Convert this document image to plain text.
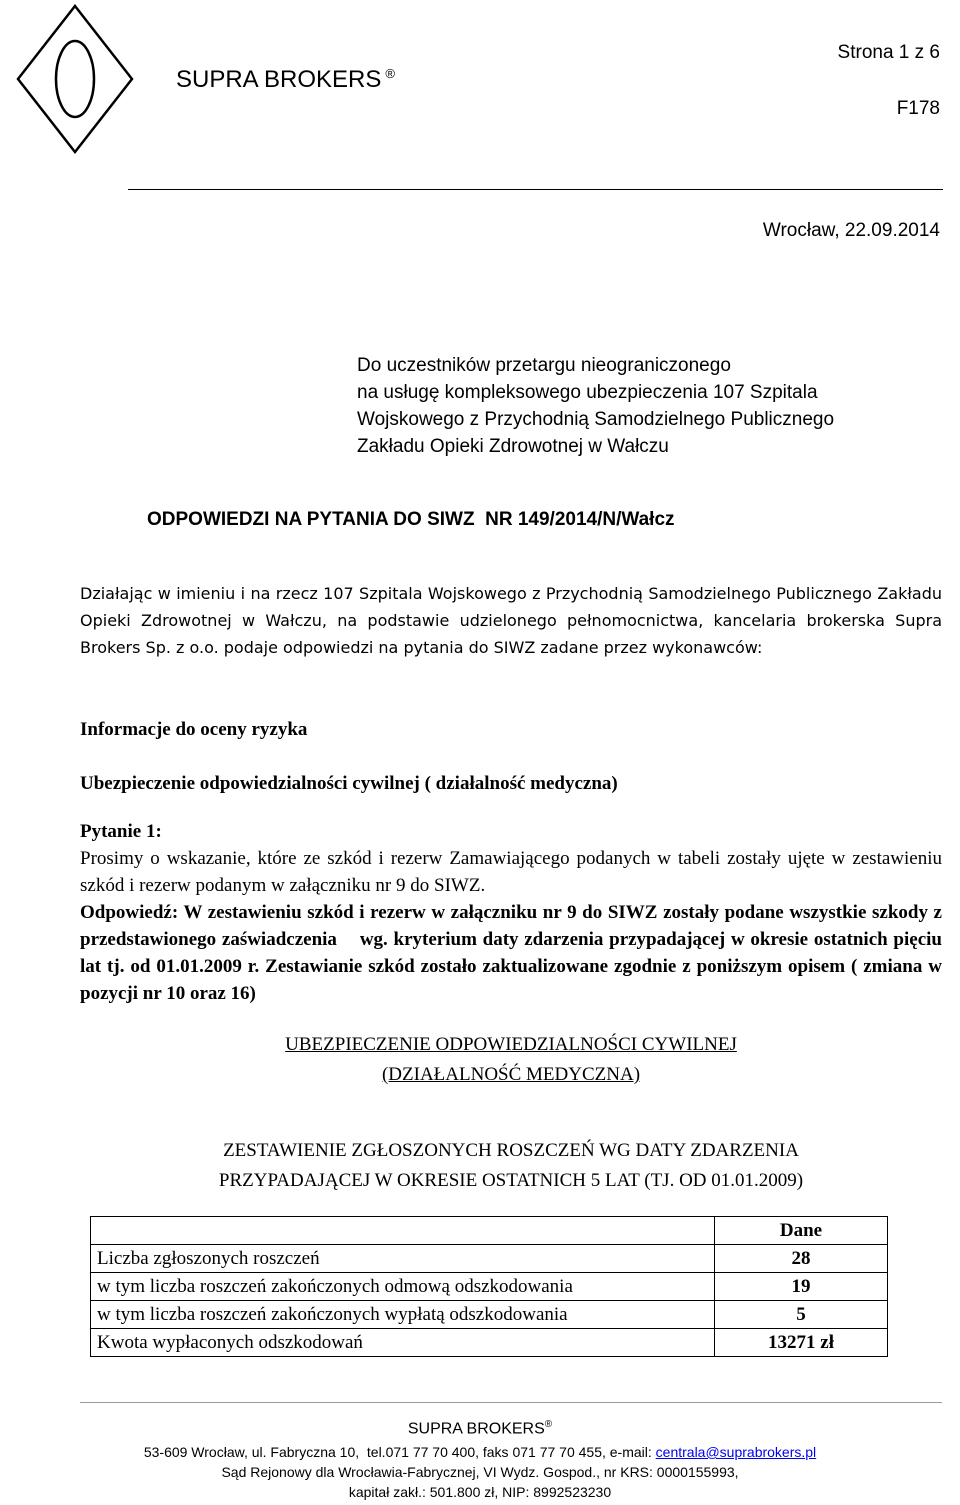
SUPRA BROKERS ®
Strona 1 z 6
F178
Wrocław, 22.09.2014
Do uczestników przetargu nieograniczonego
na usługę kompleksowego ubezpieczenia 107 Szpitala
Wojskowego z Przychodnią Samodzielnego Publicznego
Zakładu Opieki Zdrowotnej w Wałczu
ODPOWIEDZI NA PYTANIA DO SIWZ  NR 149/2014/N/Wałcz
Działając w imieniu i na rzecz 107 Szpitala Wojskowego z Przychodnią Samodzielnego Publicznego Zakładu Opieki Zdrowotnej w Wałczu, na podstawie udzielonego pełnomocnictwa, kancelaria brokerska Supra Brokers Sp. z o.o. podaje odpowiedzi na pytania do SIWZ zadane przez wykonawców:
Informacje do oceny ryzyka
Ubezpieczenie odpowiedzialności cywilnej ( działalność medyczna)
Pytanie 1:
Prosimy o wskazanie, które ze szkód i rezerw Zamawiającego podanych w tabeli zostały ujęte w zestawieniu szkód i rezerw podanym w załączniku nr 9 do SIWZ.
Odpowiedź: W zestawieniu szkód i rezerw w załączniku nr 9 do SIWZ zostały podane wszystkie szkody z przedstawionego zaświadczenia    wg. kryterium daty zdarzenia przypadającej w okresie ostatnich pięciu lat tj. od 01.01.2009 r. Zestawianie szkód zostało zaktualizowane zgodnie z poniższym opisem ( zmiana w pozycji nr 10 oraz 16)
UBEZPIECZENIE ODPOWIEDZIALNOŚCI CYWILNEJ
(DZIAŁALNOŚĆ MEDYCZNA)
ZESTAWIENIE ZGŁOSZONYCH ROSZCZEŃ WG DATY ZDARZENIA
PRZYPADAJĄCEJ W OKRESIE OSTATNICH 5 LAT (TJ. OD 01.01.2009)
	Dane
Liczba zgłoszonych roszczeń	28
w tym liczba roszczeń zakończonych odmową odszkodowania	19
w tym liczba roszczeń zakończonych wypłatą odszkodowania	5
Kwota wypłaconych odszkodowań	13271 zł
SUPRA BROKERS®
53-609 Wrocław, ul. Fabryczna 10,  tel.071 77 70 400, faks 071 77 70 455, e-mail: centrala@suprabrokers.pl
Sąd Rejonowy dla Wrocławia-Fabrycznej, VI Wydz. Gospod., nr KRS: 0000155993,
kapitał zakł.: 501.800 zł, NIP: 8992523230
